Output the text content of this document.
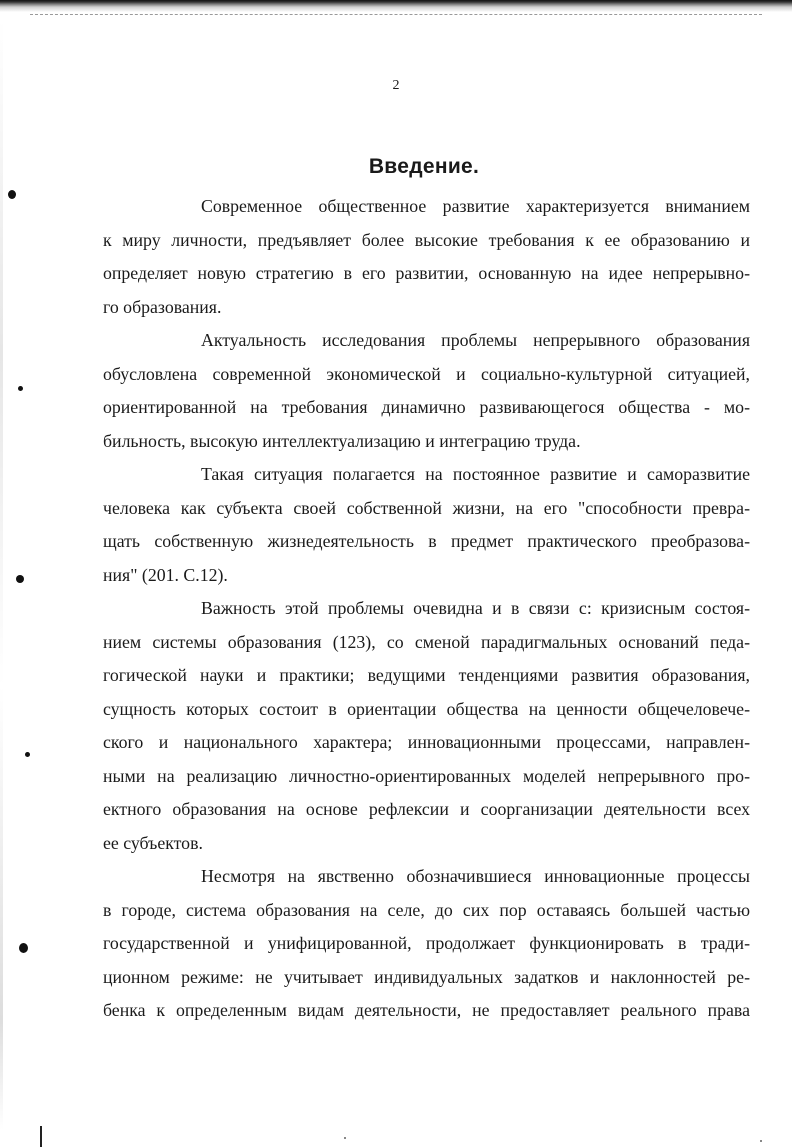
2
Введение.

Современное общественное развитие характеризуется вниманием
к миру личности, предъявляет более высокие требования к ее образованию и
определяет новую стратегию в его развитии, основанную на идее непрерывно-
го образования.

Актуальность исследования проблемы непрерывного образования
обусловлена современной экономической и социально-культурной ситуацией,
ориентированной на требования динамично развивающегося общества - мо-
бильность, высокую интеллектуализацию и интеграцию труда.

Такая ситуация полагается на постоянное развитие и саморазвитие
человека как субъекта своей собственной жизни, на его "способности превра-
щать собственную жизнедеятельность в предмет практического преобразова-
ния" (201. С.12).

Важность этой проблемы очевидна и в связи с: кризисным состоя-
нием системы образования (123), со сменой парадигмальных оснований педа-
гогической науки и практики; ведущими тенденциями развития образования,
сущность которых состоит в ориентации общества на ценности общечеловече-
ского и национального характера; инновационными процессами, направлен-
ными на реализацию личностно-ориентированных моделей непрерывного про-
ектного образования на основе рефлексии и соорганизации деятельности всех
ее субъектов.

Несмотря на явственно обозначившиеся инновационные процессы
в городе, система образования на селе, до сих пор оставаясь большей частью
государственной и унифицированной, продолжает функционировать в тради-
ционном режиме: не учитывает индивидуальных задатков и наклонностей ре-
бенка к определенным видам деятельности, не предоставляет реального права
